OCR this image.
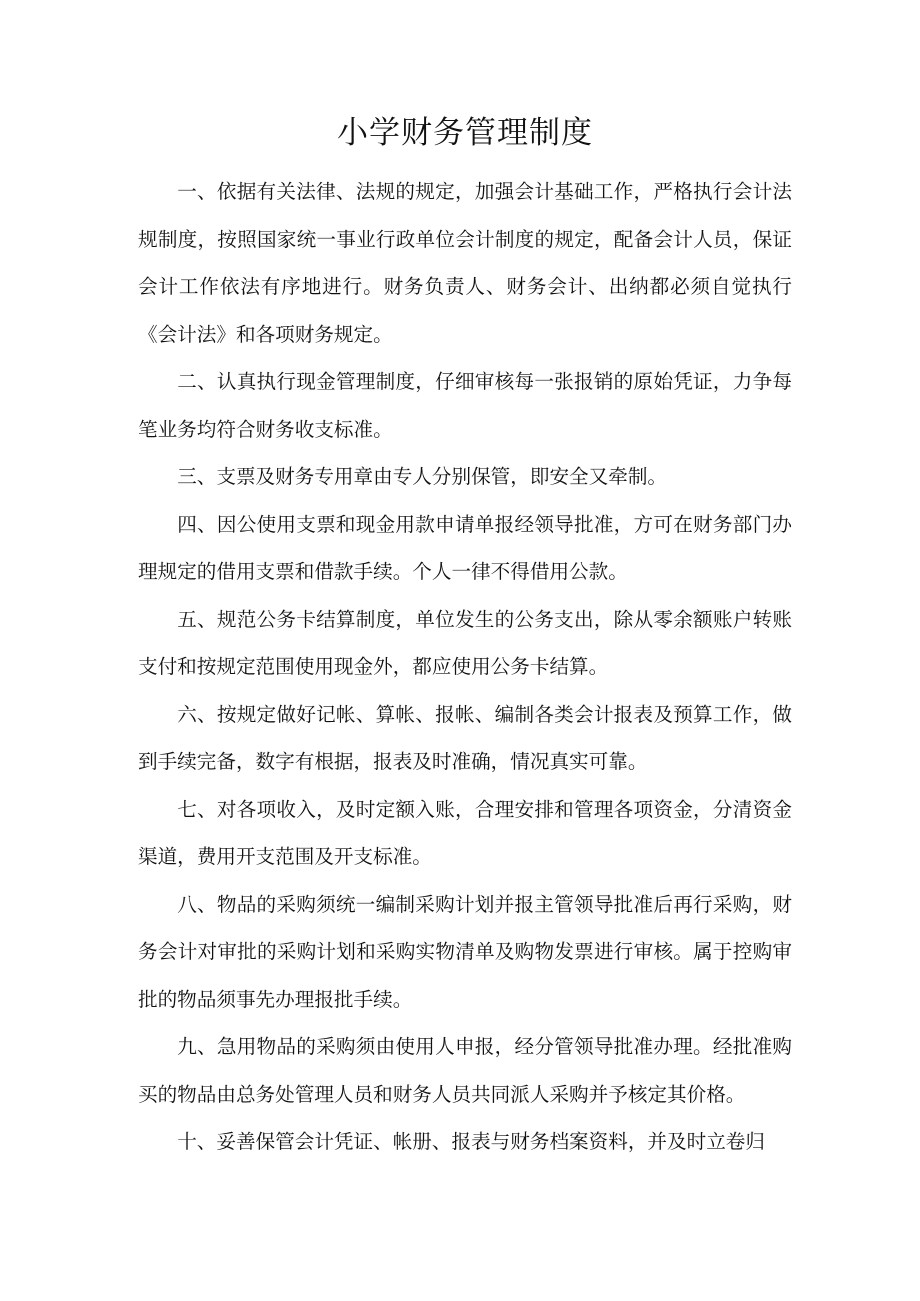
小学财务管理制度

一、依据有关法律、法规的规定，加强会计基础工作，严格执行会计法规制度，按照国家统一事业行政单位会计制度的规定，配备会计人员，保证会计工作依法有序地进行。财务负责人、财务会计、出纳都必须自觉执行《会计法》和各项财务规定。

二、认真执行现金管理制度，仔细审核每一张报销的原始凭证，力争每笔业务均符合财务收支标准。

三、支票及财务专用章由专人分别保管，即安全又牵制。

四、因公使用支票和现金用款申请单报经领导批准，方可在财务部门办理规定的借用支票和借款手续。个人一律不得借用公款。

五、规范公务卡结算制度，单位发生的公务支出，除从零余额账户转账支付和按规定范围使用现金外，都应使用公务卡结算。

六、按规定做好记帐、算帐、报帐、编制各类会计报表及预算工作，做到手续完备，数字有根据，报表及时准确，情况真实可靠。

七、对各项收入，及时定额入账，合理安排和管理各项资金，分清资金渠道，费用开支范围及开支标准。

八、物品的采购须统一编制采购计划并报主管领导批准后再行采购，财务会计对审批的采购计划和采购实物清单及购物发票进行审核。属于控购审批的物品须事先办理报批手续。

九、急用物品的采购须由使用人申报，经分管领导批准办理。经批准购买的物品由总务处管理人员和财务人员共同派人采购并予核定其价格。

十、妥善保管会计凭证、帐册、报表与财务档案资料，并及时立卷归
